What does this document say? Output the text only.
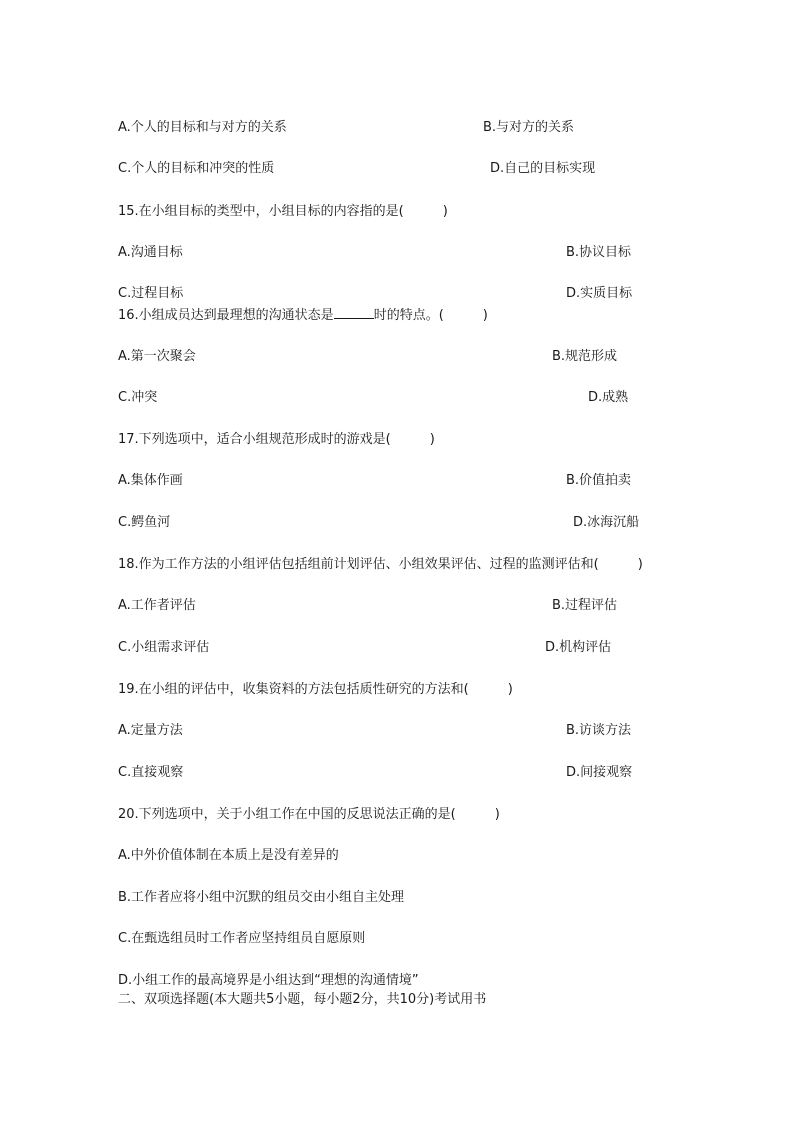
A.个人的目标和与对方的关系	B.与对方的关系
C.个人的目标和冲突的性质	D.自己的目标实现
15.在小组目标的类型中，小组目标的内容指的是(　　　)
A.沟通目标	B.协议目标
C.过程目标	D.实质目标
16.小组成员达到最理想的沟通状态是	时的特点。(　　　)
A.第一次聚会	B.规范形成
C.冲突	D.成熟
17.下列选项中，适合小组规范形成时的游戏是(　　　)
A.集体作画	B.价值拍卖
C.鳄鱼河	D.冰海沉船
18.作为工作方法的小组评估包括组前计划评估、小组效果评估、过程的监测评估和(　　　)
A.工作者评估	B.过程评估
C.小组需求评估	D.机构评估
19.在小组的评估中，收集资料的方法包括质性研究的方法和(　　　)
A.定量方法	B.访谈方法
C.直接观察	D.间接观察
20.下列选项中，关于小组工作在中国的反思说法正确的是(　　　)
A.中外价值体制在本质上是没有差异的
B.工作者应将小组中沉默的组员交由小组自主处理
C.在甄选组员时工作者应坚持组员自愿原则
D.小组工作的最高境界是小组达到“理想的沟通情境”
二、双项选择题(本大题共5小题，每小题2分，共10分)考试用书
